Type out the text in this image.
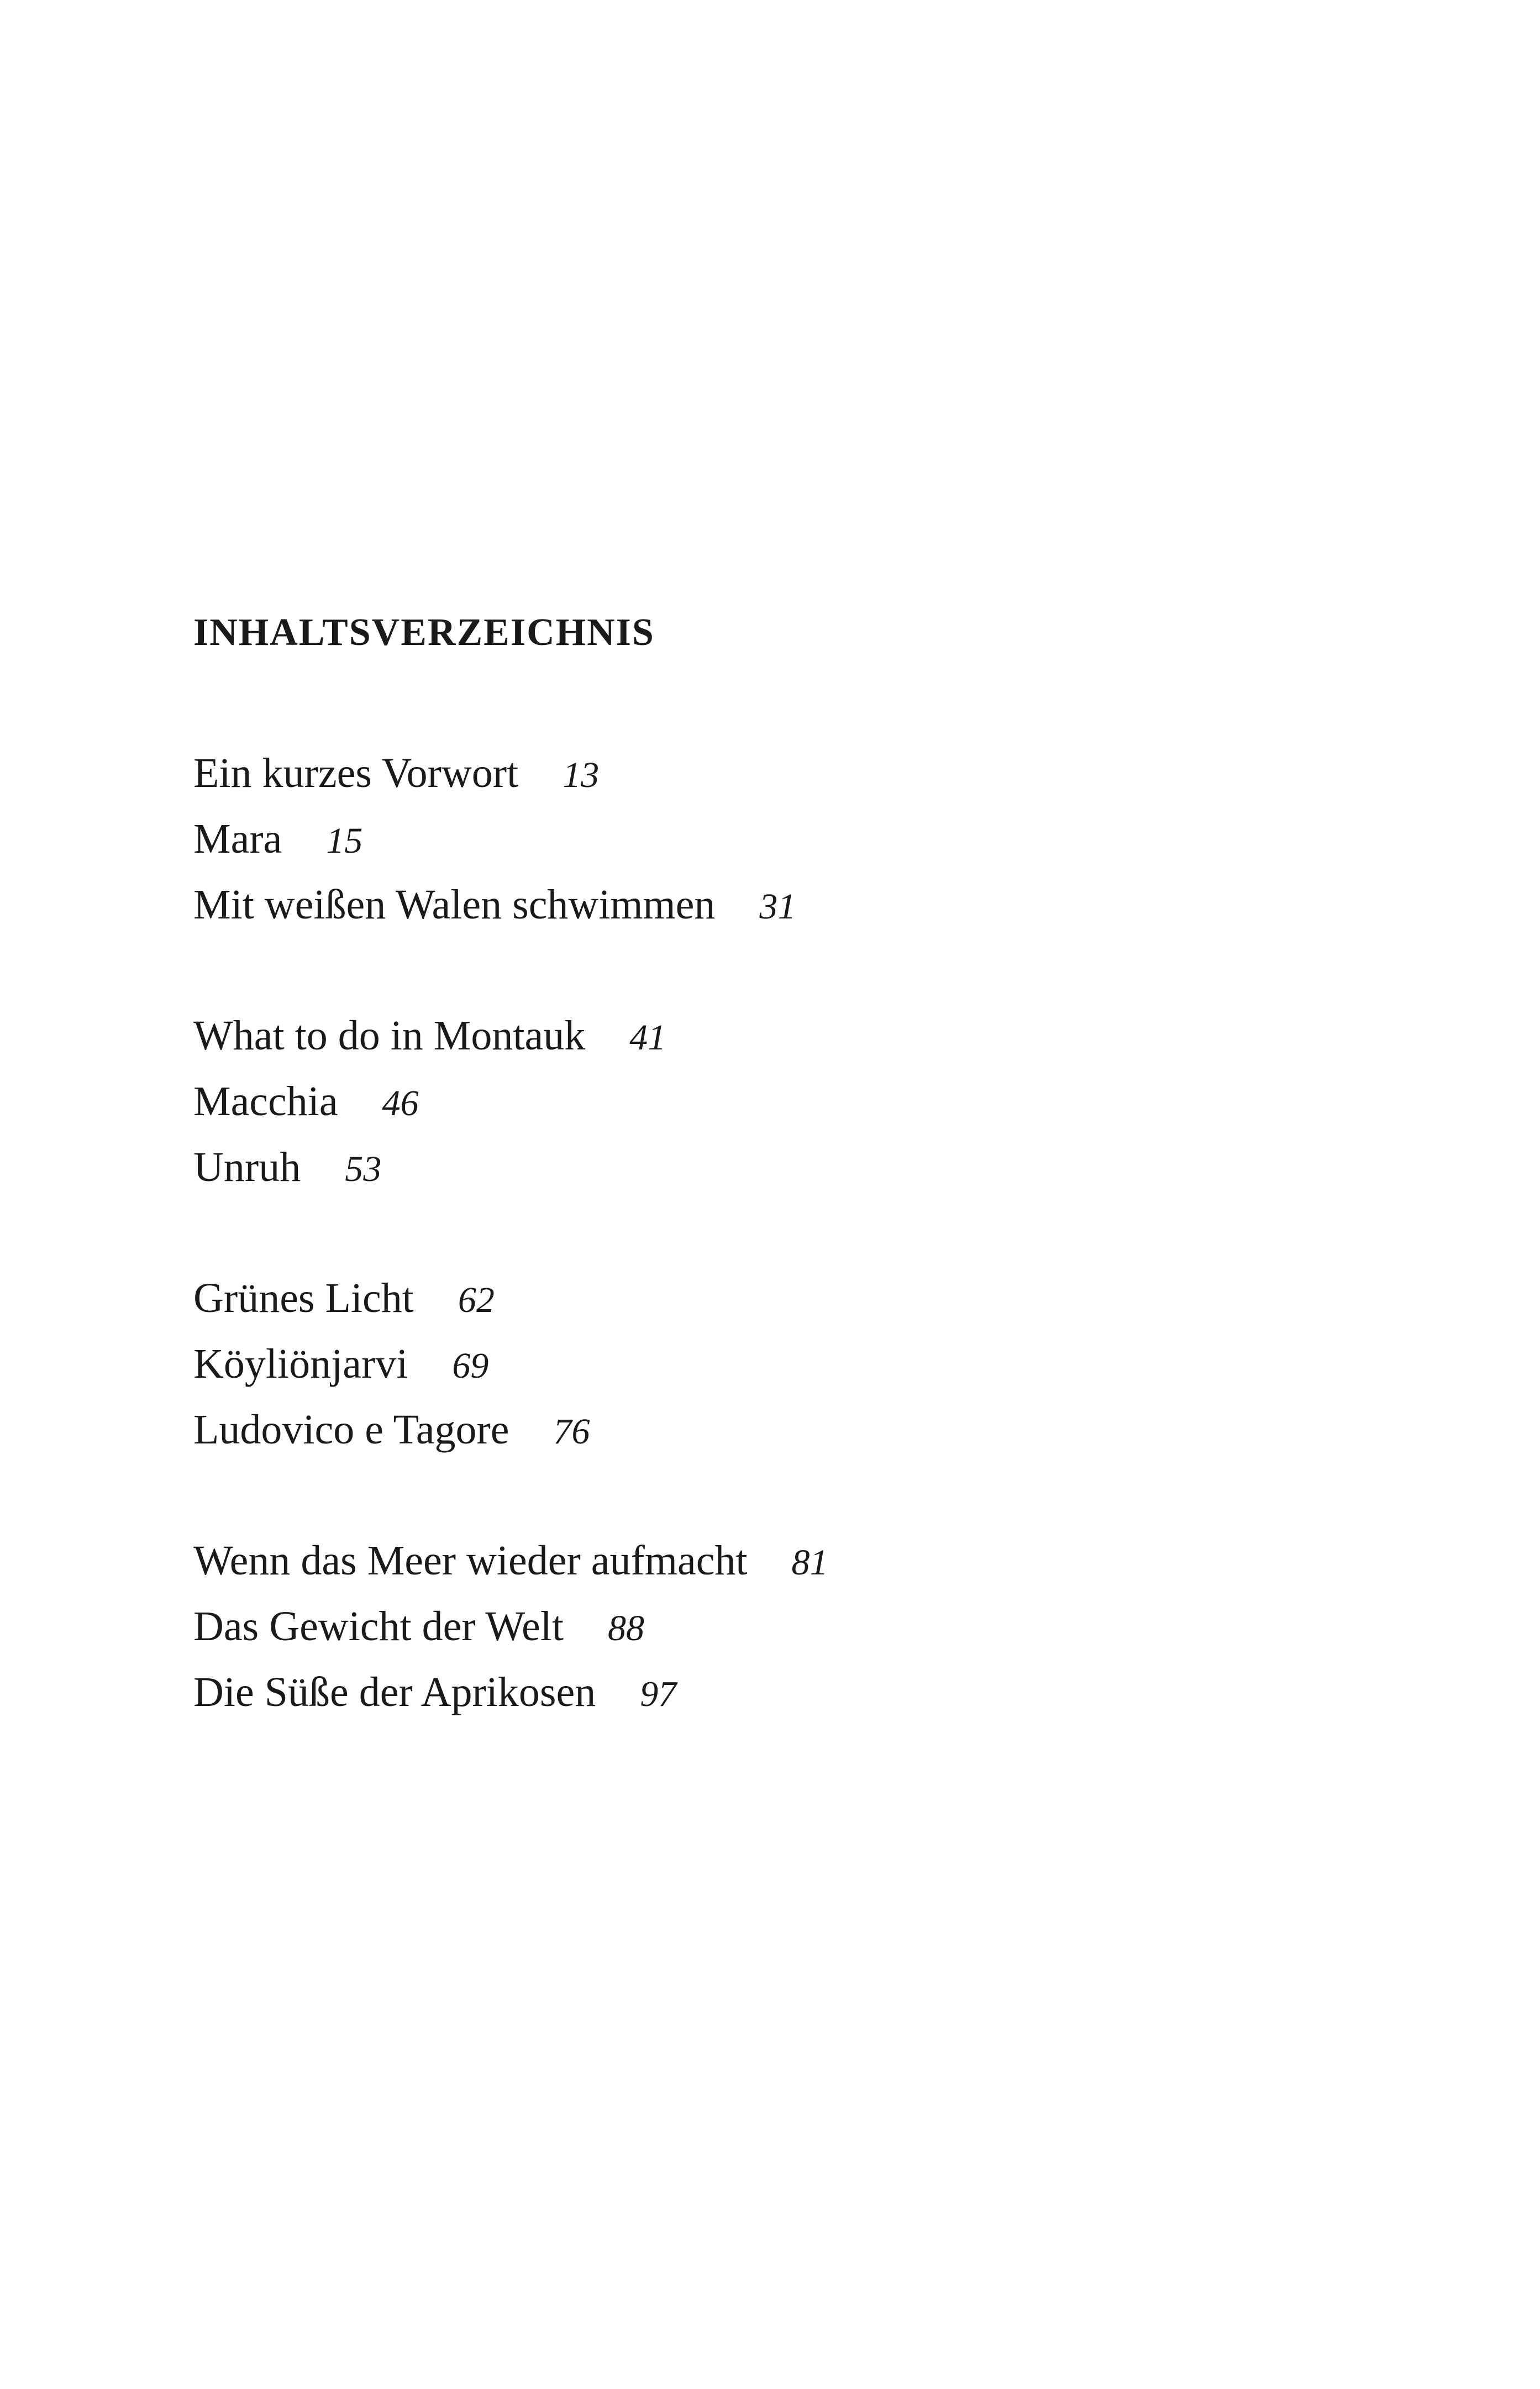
INHALTSVERZEICHNIS
Ein kurzes Vorwort 13
Mara 15
Mit weißen Walen schwimmen 31
What to do in Montauk 41
Macchia 46
Unruh 53
Grünes Licht 62
Köyliönjarvi 69
Ludovico e Tagore 76
Wenn das Meer wieder aufmacht 81
Das Gewicht der Welt 88
Die Süße der Aprikosen 97
